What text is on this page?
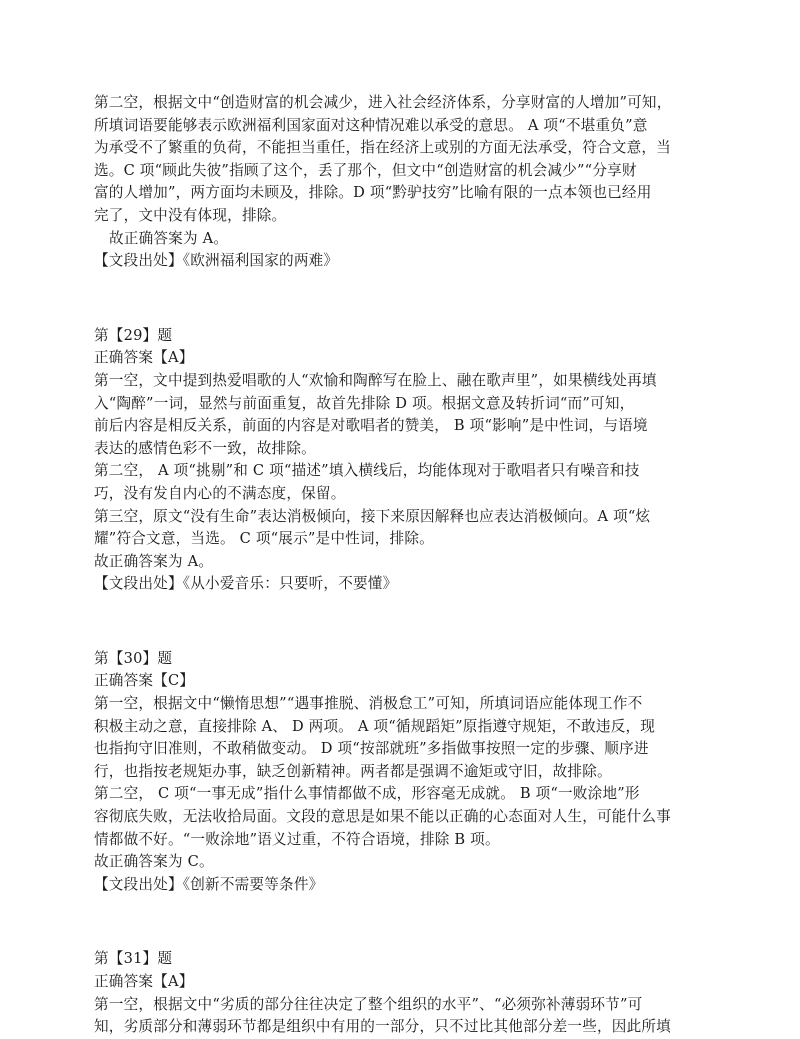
第二空，根据文中“创造财富的机会减少，进入社会经济体系，分享财富的人增加”可知，
所填词语要能够表示欧洲福利国家面对这种情况难以承受的意思。 A 项“不堪重负”意
为承受不了繁重的负荷，不能担当重任，指在经济上或别的方面无法承受，符合文意，当
选。C 项“顾此失彼”指顾了这个，丢了那个，但文中“创造财富的机会减少”“分享财
富的人增加”，两方面均未顾及，排除。D 项“黔驴技穷”比喻有限的一点本领也已经用
完了，文中没有体现，排除。
故正确答案为 A。
【文段出处】《欧洲福利国家的两难》
第【29】题
正确答案【A】
第一空，文中提到热爱唱歌的人“欢愉和陶醉写在脸上、融在歌声里”，如果横线处再填
入“陶醉”一词，显然与前面重复，故首先排除 D 项。根据文意及转折词“而”可知，
前后内容是相反关系，前面的内容是对歌唱者的赞美， B 项“影响”是中性词，与语境
表达的感情色彩不一致，故排除。
第二空， A 项“挑剔”和 C 项“描述”填入横线后，均能体现对于歌唱者只有噪音和技
巧，没有发自内心的不满态度，保留。
第三空，原文“没有生命”表达消极倾向，接下来原因解释也应表达消极倾向。A 项“炫
耀”符合文意，当选。 C 项“展示”是中性词，排除。
故正确答案为 A。
【文段出处】《从小爱音乐：只要听，不要懂》
第【30】题
正确答案【C】
第一空，根据文中“懒惰思想”“遇事推脱、消极怠工”可知，所填词语应能体现工作不
积极主动之意，直接排除 A、 D 两项。 A 项“循规蹈矩”原指遵守规矩，不敢违反，现
也指拘守旧准则，不敢稍做变动。 D 项“按部就班”多指做事按照一定的步骤、顺序进
行，也指按老规矩办事，缺乏创新精神。两者都是强调不逾矩或守旧，故排除。
第二空， C 项“一事无成”指什么事情都做不成，形容毫无成就。 B 项“一败涂地”形
容彻底失败，无法收拾局面。文段的意思是如果不能以正确的心态面对人生，可能什么事
情都做不好。“一败涂地”语义过重，不符合语境，排除 B 项。
故正确答案为 C。
【文段出处】《创新不需要等条件》
第【31】题
正确答案【A】
第一空，根据文中“劣质的部分往往决定了整个组织的水平”、“必须弥补薄弱环节”可
知，劣质部分和薄弱环节都是组织中有用的一部分，只不过比其他部分差一些，因此所填
